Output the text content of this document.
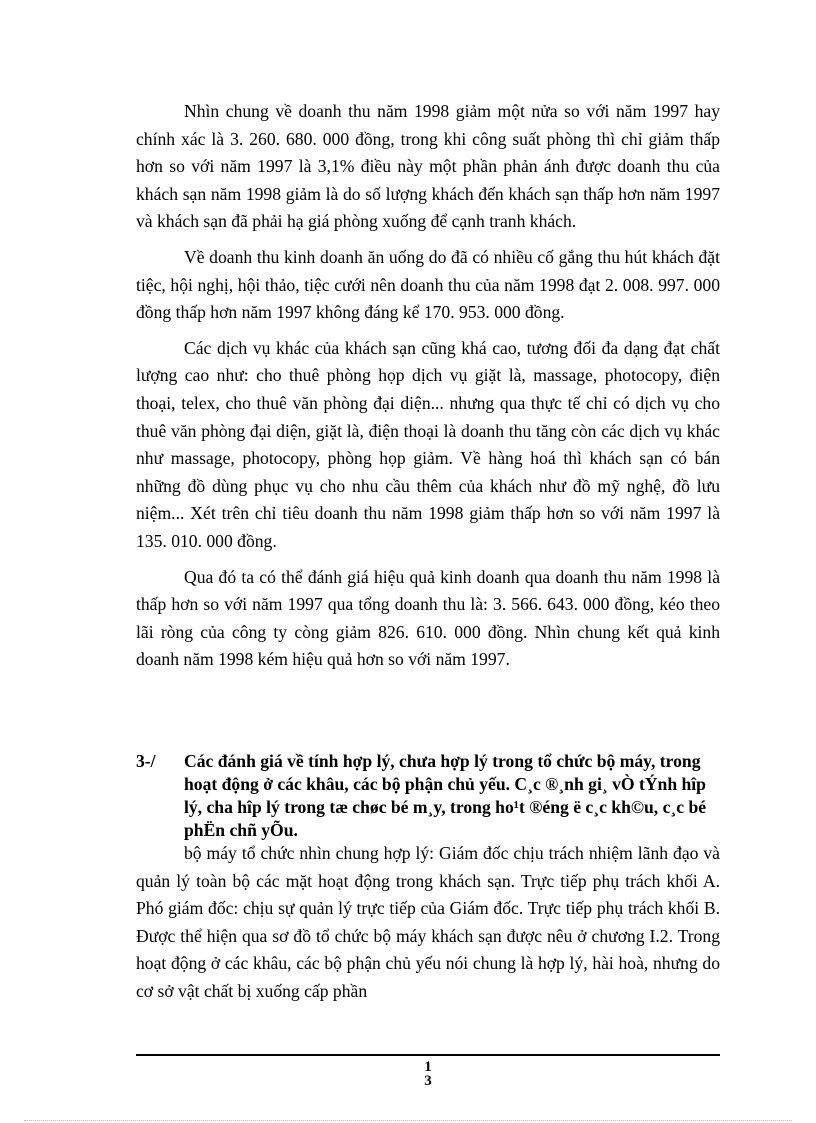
Nhìn chung về doanh thu năm 1998 giảm một nửa so với năm 1997 hay chính xác là 3. 260. 680. 000 đồng, trong khi công suất phòng thì chỉ giảm thấp hơn so với năm 1997 là 3,1% điều này một phần phản ánh được doanh thu của khách sạn năm 1998 giảm là do số lượng khách đến khách sạn thấp hơn năm 1997 và khách sạn đã phải hạ giá phòng xuống để cạnh tranh khách.

Về doanh thu kinh doanh ăn uống do đã có nhiều cố gắng thu hút khách đặt tiệc, hội nghị, hội thảo, tiệc cưới nên doanh thu của năm 1998 đạt 2. 008. 997. 000 đồng thấp hơn năm 1997 không đáng kể 170. 953. 000 đồng.

Các dịch vụ khác của khách sạn cũng khá cao, tương đối đa dạng đạt chất lượng cao như: cho thuê phòng họp dịch vụ giặt là, massage, photocopy, điện thoại, telex, cho thuê văn phòng đại diện... nhưng qua thực tế chỉ có dịch vụ cho thuê văn phòng đại diện, giặt là, điện thoại là doanh thu tăng còn các dịch vụ khác như massage, photocopy, phòng họp giảm. Về hàng hoá thì khách sạn có bán những đồ dùng phục vụ cho nhu cầu thêm của khách như đồ mỹ nghệ, đồ lưu niệm... Xét trên chỉ tiêu doanh thu năm 1998 giảm thấp hơn so với năm 1997 là 135. 010. 000 đồng.

Qua đó ta có thể đánh giá hiệu quả kinh doanh qua doanh thu năm 1998 là thấp hơn so với năm 1997 qua tổng doanh thu là: 3. 566. 643. 000 đồng, kéo theo lãi ròng của công ty còng giảm 826. 610. 000 đồng. Nhìn chung kết quả kinh doanh năm 1998 kém hiệu quả hơn so với năm 1997.

3-/ Các đánh giá về tính hợp lý, chưa hợp lý trong tổ chức bộ máy, trong hoạt động ở các khâu, các bộ phận chủ yếu. C¸c ®¸nh gi¸ vÒ tÝnh hîp lý, cha hîp lý trong tæ chøc bé m¸y, trong ho¹t ®éng ë c¸c kh©u, c¸c bé phËn chñ yÕu.

bộ máy tổ chức nhìn chung hợp lý: Giám đốc chịu trách nhiệm lãnh đạo và quản lý toàn bộ các mặt hoạt động trong khách sạn. Trực tiếp phụ trách khối A. Phó giám đốc: chịu sự quản lý trực tiếp của Giám đốc. Trực tiếp phụ trách khối B. Được thể hiện qua sơ đồ tổ chức bộ máy khách sạn được nêu ở chương I.2. Trong hoạt động ở các khâu, các bộ phận chủ yếu nói chung là hợp lý, hài hoà, nhưng do cơ sở vật chất bị xuống cấp phần

1
3
